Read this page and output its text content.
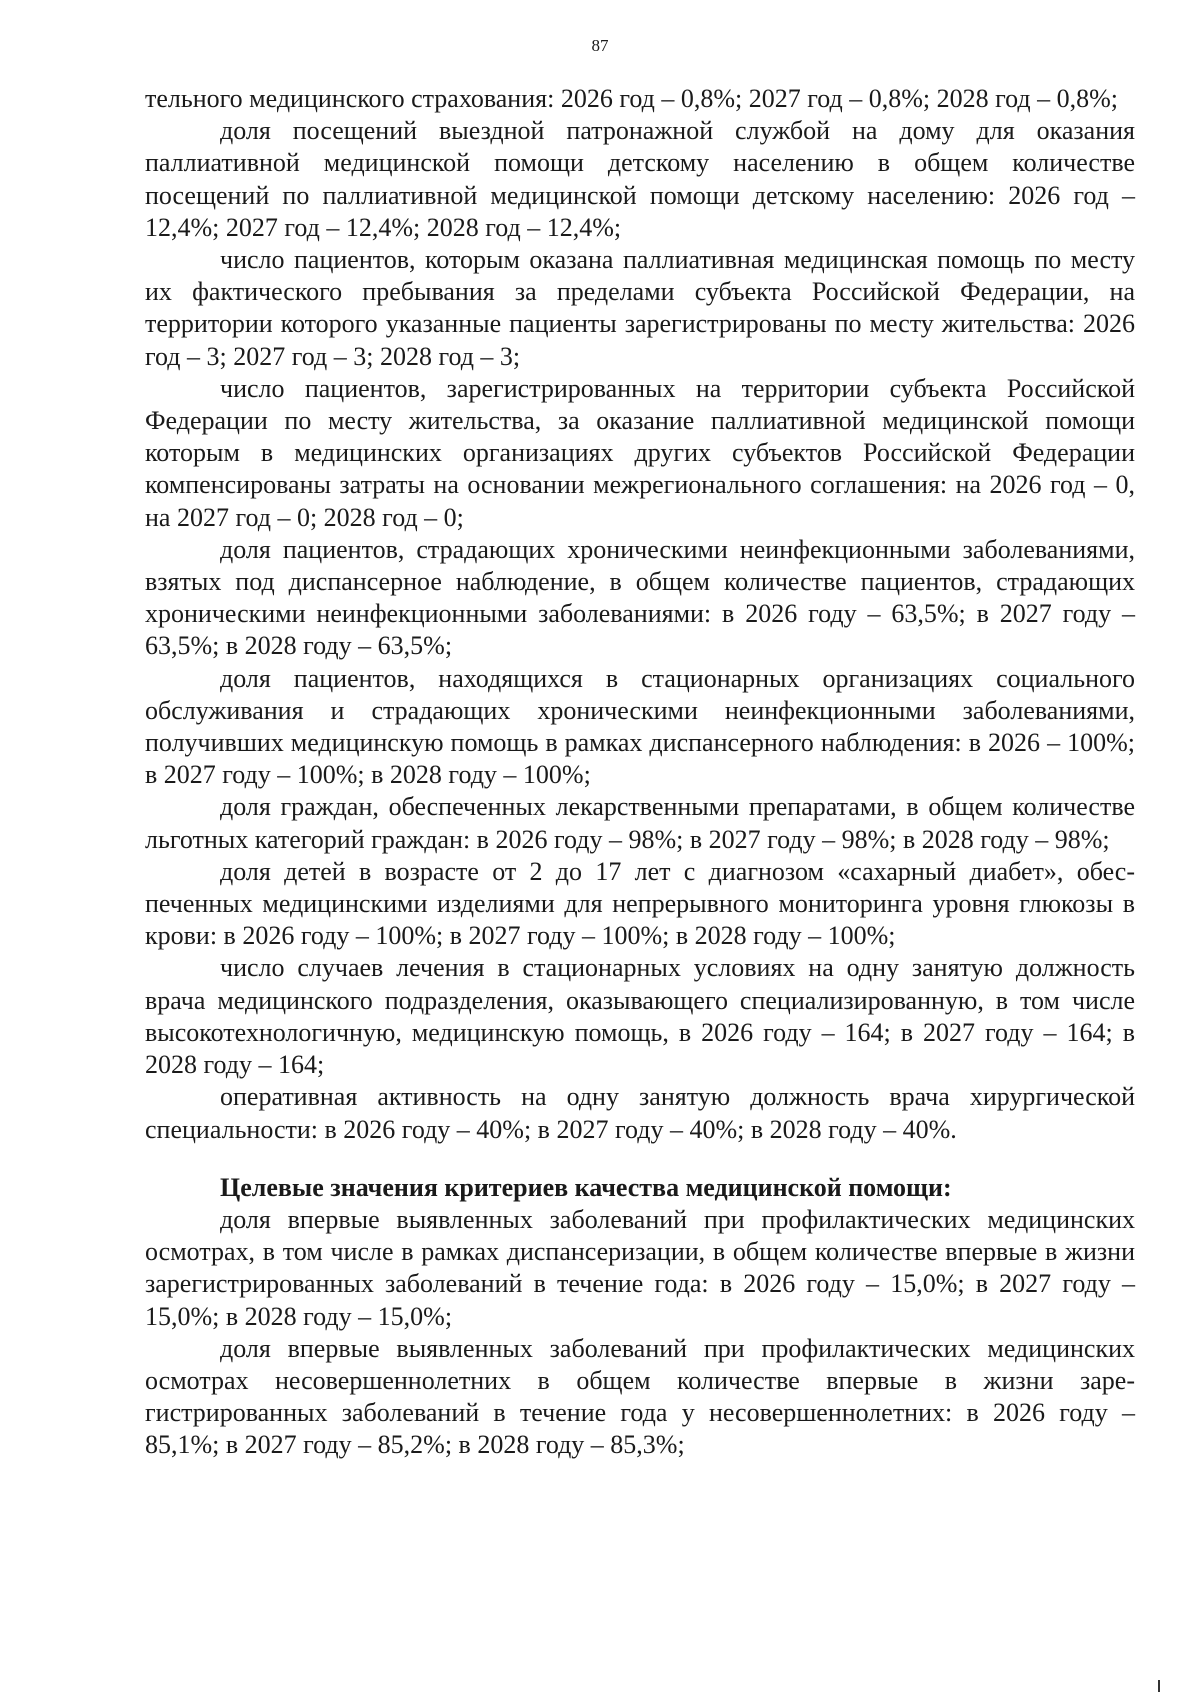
87

тельного медицинского страхования: 2026 год – 0,8%; 2027 год – 0,8%; 2028 год – 0,8%;

доля посещений выездной патронажной службой на дому для оказания паллиативной медицинской помощи детскому населению в общем количестве посещений по паллиативной медицинской помощи детскому населению: 2026 год – 12,4%; 2027 год – 12,4%; 2028 год – 12,4%;

число пациентов, которым оказана паллиативная медицинская помощь по месту их фактического пребывания за пределами субъекта Российской Федерации, на территории которого указанные пациенты зарегистрированы по месту жительства: 2026 год – 3; 2027 год – 3; 2028 год – 3;

число пациентов, зарегистрированных на территории субъекта Российской Федерации по месту жительства, за оказание паллиативной медицинской помощи которым в медицинских организациях других субъектов Российской Федерации компенсированы затраты на основании межрегионального соглашения: на 2026 год – 0, на 2027 год – 0; 2028 год – 0;

доля пациентов, страдающих хроническими неинфекционными заболеваниями, взятых под диспансерное наблюдение, в общем количестве пациентов, страдающих хроническими неинфекционными заболеваниями: в 2026 году – 63,5%; в 2027 году – 63,5%; в 2028 году – 63,5%;

доля пациентов, находящихся в стационарных организациях социального обслуживания и страдающих хроническими неинфекционными заболеваниями, получивших медицинскую помощь в рамках диспансерного наблюдения: в 2026 – 100%; в 2027 году – 100%; в 2028 году – 100%;

доля граждан, обеспеченных лекарственными препаратами, в общем количестве льготных категорий граждан: в 2026 году – 98%; в 2027 году – 98%; в 2028 году – 98%;

доля детей в возрасте от 2 до 17 лет с диагнозом «сахарный диабет», обеспеченных медицинскими изделиями для непрерывного мониторинга уровня глюкозы в крови: в 2026 году – 100%; в 2027 году – 100%; в 2028 году – 100%;

число случаев лечения в стационарных условиях на одну занятую должность врача медицинского подразделения, оказывающего специализированную, в том числе высокотехнологичную, медицинскую помощь, в 2026 году – 164; в 2027 году – 164; в 2028 году – 164;

оперативная активность на одну занятую должность врача хирургической специальности: в 2026 году – 40%; в 2027 году – 40%; в 2028 году – 40%.

Целевые значения критериев качества медицинской помощи:

доля впервые выявленных заболеваний при профилактических медицинских осмотрах, в том числе в рамках диспансеризации, в общем количестве впервые в жизни зарегистрированных заболеваний в течение года: в 2026 году – 15,0%; в 2027 году – 15,0%; в 2028 году – 15,0%;

доля впервые выявленных заболеваний при профилактических медицинских осмотрах несовершеннолетних в общем количестве впервые в жизни зарегистрированных заболеваний в течение года у несовершеннолетних: в 2026 году – 85,1%; в 2027 году – 85,2%; в 2028 году – 85,3%;
